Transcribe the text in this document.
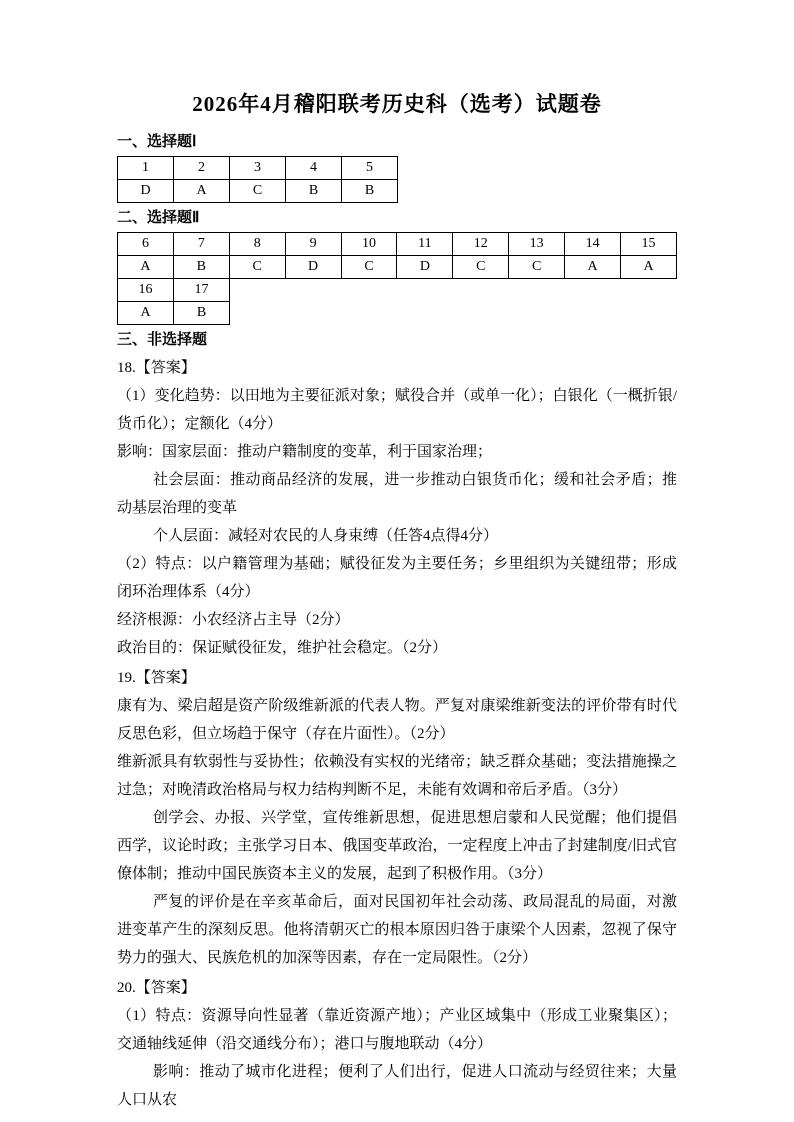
2026年4月稽阳联考历史科（选考）试题卷
一、选择题Ⅰ
1	2	3	4	5
D	A	C	B	B
二、选择题Ⅱ
6	7	8	9	10	11	12	13	14	15
A	B	C	D	C	D	C	C	A	A
16	17
A	B
三、非选择题

18.【答案】

（1）变化趋势：以田地为主要征派对象；赋役合并（或单一化）；白银化（一概折银/货币化）；定额化（4分）

影响：国家层面：推动户籍制度的变革，利于国家治理；

社会层面：推动商品经济的发展，进一步推动白银货币化；缓和社会矛盾；推动基层治理的变革

个人层面：减轻对农民的人身束缚（任答4点得4分）

（2）特点：以户籍管理为基础；赋役征发为主要任务；乡里组织为关键纽带；形成闭环治理体系（4分）

经济根源：小农经济占主导（2分）

政治目的：保证赋役征发，维护社会稳定。（2分）

19.【答案】

康有为、梁启超是资产阶级维新派的代表人物。严复对康梁维新变法的评价带有时代反思色彩，但立场趋于保守（存在片面性）。（2分）

维新派具有软弱性与妥协性；依赖没有实权的光绪帝；缺乏群众基础；变法措施操之过急；对晚清政治格局与权力结构判断不足，未能有效调和帝后矛盾。（3分）

创学会、办报、兴学堂，宣传维新思想，促进思想启蒙和人民觉醒；他们提倡西学，议论时政；主张学习日本、俄国变革政治，一定程度上冲击了封建制度/旧式官僚体制；推动中国民族资本主义的发展，起到了积极作用。（3分）

严复的评价是在辛亥革命后，面对民国初年社会动荡、政局混乱的局面，对激进变革产生的深刻反思。他将清朝灭亡的根本原因归咎于康梁个人因素，忽视了保守势力的强大、民族危机的加深等因素，存在一定局限性。（2分）

20.【答案】

（1）特点：资源导向性显著（靠近资源产地）；产业区域集中（形成工业聚集区）；交通轴线延伸（沿交通线分布）；港口与腹地联动（4分）

影响：推动了城市化进程；便利了人们出行，促进人口流动与经贸往来；大量人口从农
